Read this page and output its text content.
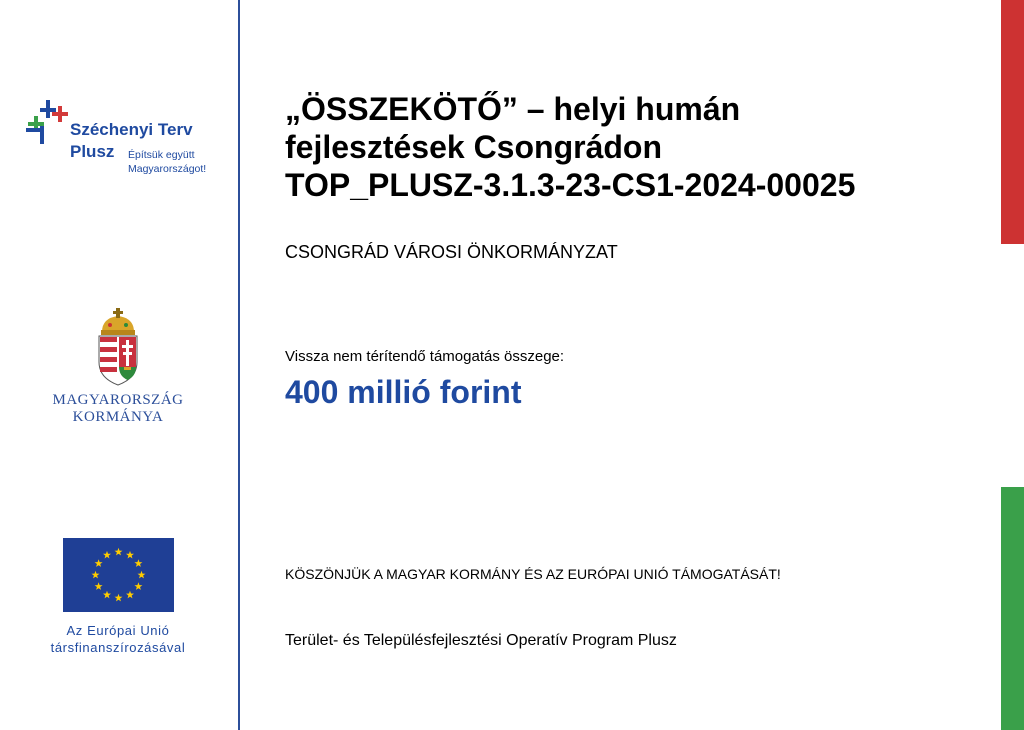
Széchenyi Terv
Plusz Építsük együtt
Magyarországot!
MAGYARORSZÁG
KORMÁNYA
Az Európai Unió
társfinanszírozásával
„ÖSSZEKÖTŐ” – helyi humán
fejlesztések Csongrádon
TOP_PLUSZ-3.1.3-23-CS1-2024-00025
CSONGRÁD VÁROSI ÖNKORMÁNYZAT
Vissza nem térítendő támogatás összege:
400 millió forint
KÖSZÖNJÜK A MAGYAR KORMÁNY ÉS AZ EURÓPAI UNIÓ TÁMOGATÁSÁT!
Terület- és Településfejlesztési Operatív Program Plusz
